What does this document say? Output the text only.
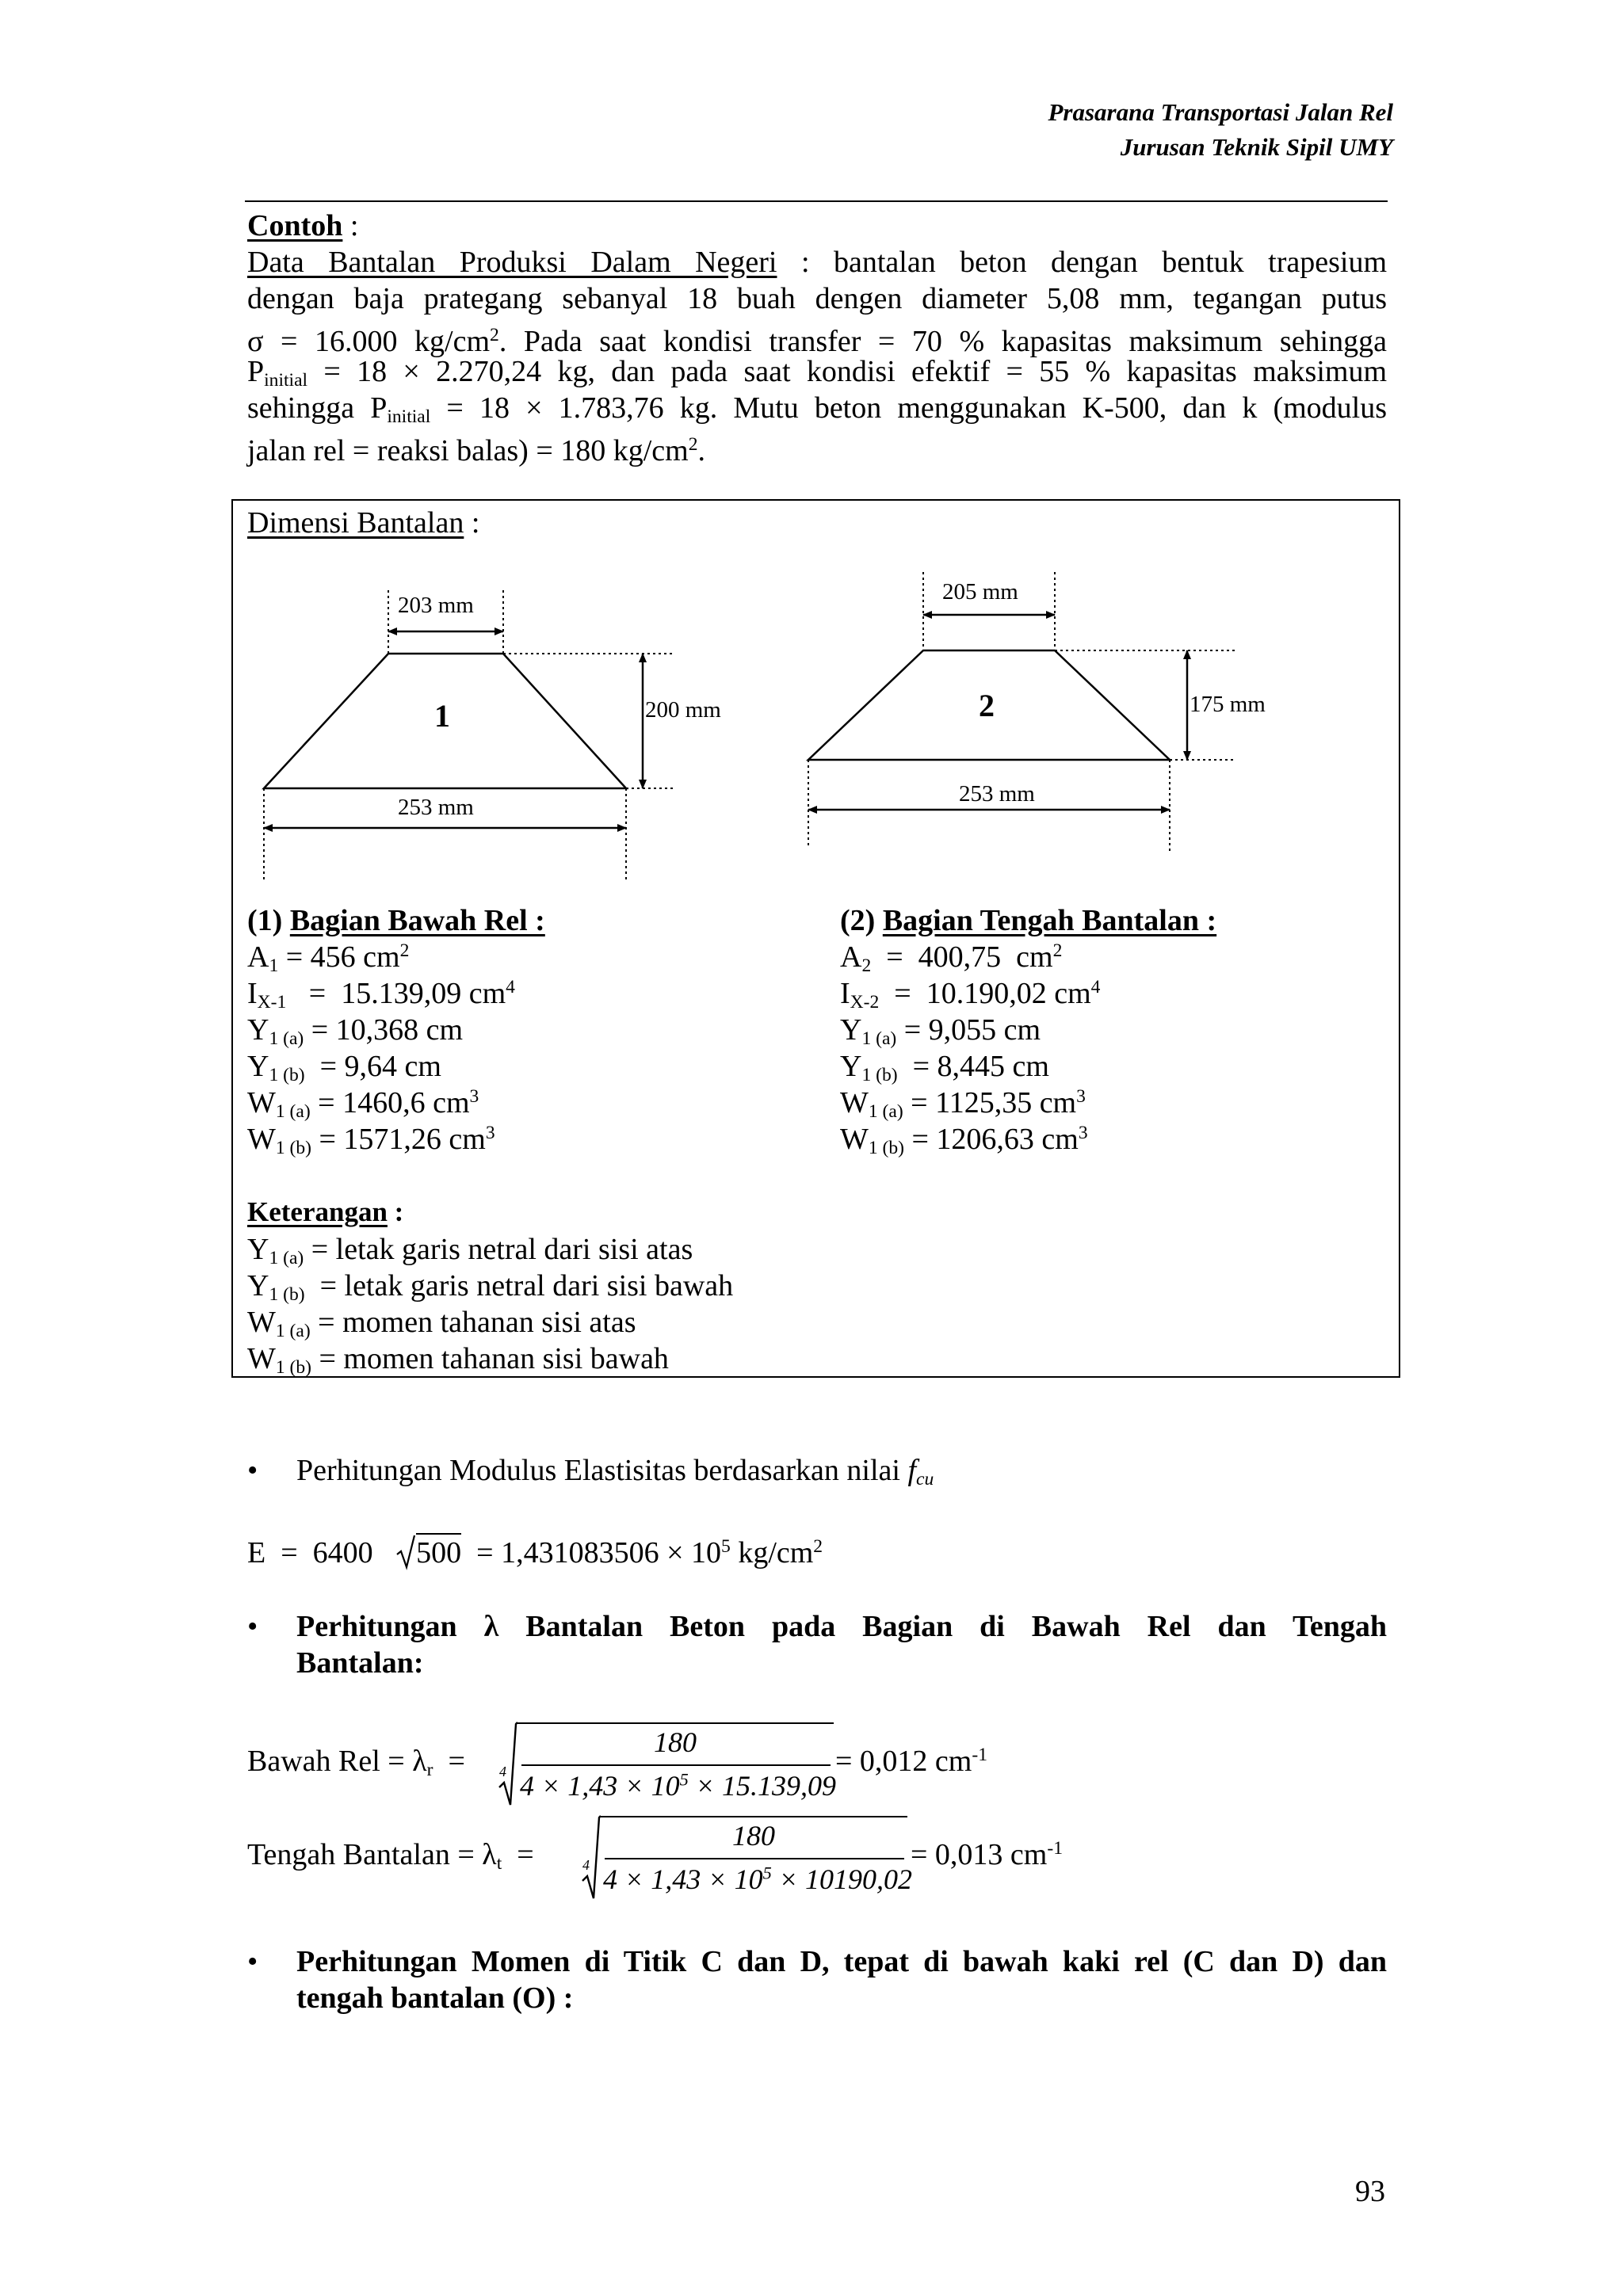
Prasarana Transportasi Jalan Rel
Jurusan Teknik Sipil UMY
Contoh :
Data Bantalan Produksi Dalam Negeri : bantalan beton dengan bentuk trapesium
dengan baja prategang sebanyal 18 buah dengen diameter 5,08 mm, tegangan putus
σ = 16.000 $kg/cm^2$. Pada saat kondisi transfer = 70 % kapasitas maksimum sehingga
$P_{initial} = 18 \times 2.270,24$ kg, dan pada saat kondisi efektif = 55 % kapasitas maksimum
sehingga $P_{initial} = 18 \times 1.783,76$ kg. Mutu beton menggunakan K-500, dan k (modulus
jalan rel = reaksi balas) = 180 $kg/cm^2$.
Dimensi Bantalan :
203 mm
1	200 mm
253 mm
205 mm
2	175 mm
253 mm
(1) Bagian Bawah Rel :
$A_1 = 456$ $cm^2$
$I_{X-1} = 15.139,09$ $cm^4$
$Y_{1 (a)} = 10,368$ cm
$Y_{1 (b)} = 9,64$ cm
$W_{1 (a)} = 1460,6$ $cm^3$
$W_{1 (b)} = 1571,26$ $cm^3$
(2) Bagian Tengah Bantalan :
$A_2 = 400,75$  $cm^2$
$I_{X-2} = 10.190,02$ $cm^4$
$Y_{1 (a)} = 9,055$ cm
$Y_{1 (b)} = 8,445$ cm
$W_{1 (a)} = 1125,35$ $cm^3$
$W_{1 (b)} = 1206,63$ $cm^3$
Keterangan :
$Y_{1 (a)}$ = letak garis netral dari sisi atas
$Y_{1 (b)}$  = letak garis netral dari sisi bawah
$W_{1 (a)}$ = momen tahanan sisi atas
$W_{1 (b)}$ = momen tahanan sisi bawah
• Perhitungan Modulus Elastisitas berdasarkan nilai $f_{cu}$
E  =  6400 $500 = 1,431083506 \times 10^5$ $kg/cm^2$
• Perhitungan λ Bantalan Beton pada Bagian di Bawah Rel dan Tengah
Bantalan:
Bawah Rel = $\lambda_r = 4$
180
$4 \times 1,43 \times 10^5 \times 15.139,09$
= 0,012 $cm^{-1}$
Tengah Bantalan = $\lambda_t$  =	4
180
$4 \times 1,43 \times 10^5 \times 10190,02$
= 0,013 $cm^{-1}$
• Perhitungan Momen di Titik C dan D, tepat di bawah kaki rel (C dan D) dan
tengah bantalan (O) :
93
